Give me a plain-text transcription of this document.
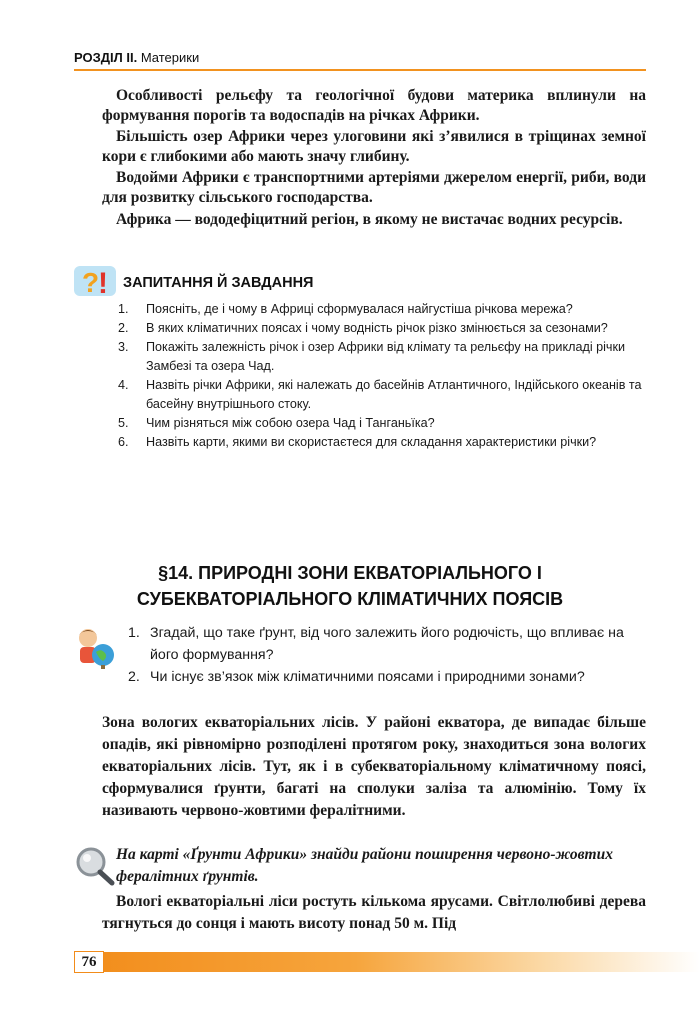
РОЗДІЛ ІІ. Материки

Особливості рельєфу та геологічної будови материка вплинули на формування порогів та водоспадів на річках Африки.

Більшість озер Африки через улоговини які з’явилися в тріщинах земної кори є глибокими або мають значу глибину.

Водойми Африки є транспортними артеріями джерелом енергії, риби, води для розвитку сільського господарства.

Африка — вододефіцитний регіон, в якому не вистачає водних ресурсів.

?
! ЗАПИТАННЯ Й ЗАВДАННЯ
1.	Поясніть, де і чому в Африці сформувалася найгустіша річкова мережа?
2.	В яких кліматичних поясах і чому водність річок різко змінюється за сезонами?
3.	Покажіть залежність річок і озер Африки від клімату та рельєфу на прикладі річки Замбезі та озера Чад.
4.	Назвіть річки Африки, які належать до басейнів Атлантичного, Індійського океанів та басейну внутрішнього стоку.
5.	Чим різняться між собою озера Чад і Танганьїка?
6.	Назвіть карти, якими ви скористаєтеся для складання характеристики річки?
§14. ПРИРОДНІ ЗОНИ ЕКВАТОРІАЛЬНОГО І
СУБЕКВАТОРІАЛЬНОГО КЛІМАТИЧНИХ ПОЯСІВ
1. Згадай, що таке ґрунт, від чого залежить його родючість, що впливає на його формування?
2. Чи існує зв’язок між кліматичними поясами і природними зонами?

Зона вологих екваторіальних лісів. У районі екватора, де випадає більше опадів, які рівномірно розподілені протягом року, знаходиться зона вологих екваторіальних лісів. Тут, як і в субекваторіальному кліматичному поясі, сформувалися ґрунти, багаті на сполуки заліза та алюмінію. Тому їх називають червоно-жовтими фералітними.

На карті «Ґрунти Африки» знайди райони поширення червоно-жовтих фералітних ґрунтів.

Вологі екваторіальні ліси ростуть кількома ярусами. Світлолюбиві дерева тягнуться до сонця і мають висоту понад 50 м. Під

76
